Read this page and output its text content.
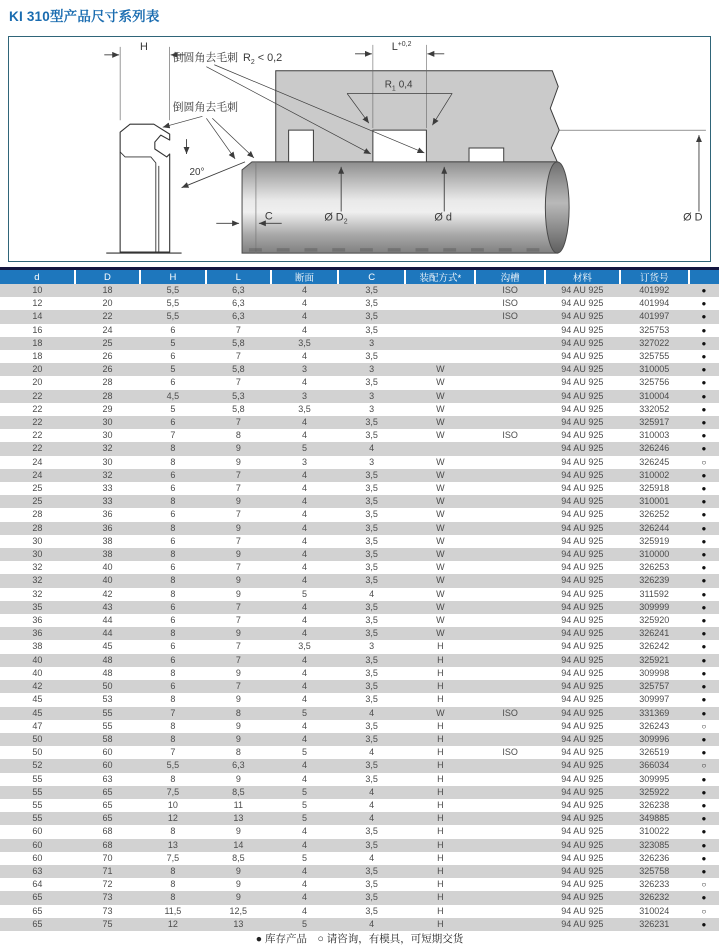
KI 310型产品尺寸系列表
H	$L^{+0,2}$
$R_1$ 0,4
倒圆角去毛刺 $R_2 < 0,2$
倒圆角去毛刺
20°
C	Ø $D_2$	Ø d	Ø D
d	D	H	L	断面	C	装配方式*	沟槽	材料	订货号	
10	18	5,5	6,3	4	3,5		ISO	94 AU 925	401992	●
12	20	5,5	6,3	4	3,5		ISO	94 AU 925	401994	●
14	22	5,5	6,3	4	3,5		ISO	94 AU 925	401997	●
16	24	6	7	4	3,5			94 AU 925	325753	●
18	25	5	5,8	3,5	3			94 AU 925	327022	●
18	26	6	7	4	3,5			94 AU 925	325755	●
20	26	5	5,8	3	3	W		94 AU 925	310005	●
20	28	6	7	4	3,5	W		94 AU 925	325756	●
22	28	4,5	5,3	3	3	W		94 AU 925	310004	●
22	29	5	5,8	3,5	3	W		94 AU 925	332052	●
22	30	6	7	4	3,5	W		94 AU 925	325917	●
22	30	7	8	4	3,5	W	ISO	94 AU 925	310003	●
22	32	8	9	5	4			94 AU 925	326246	●
24	30	8	9	3	3	W		94 AU 925	326245	○
24	32	6	7	4	3,5	W		94 AU 925	310002	●
25	33	6	7	4	3,5	W		94 AU 925	325918	●
25	33	8	9	4	3,5	W		94 AU 925	310001	●
28	36	6	7	4	3,5	W		94 AU 925	326252	●
28	36	8	9	4	3,5	W		94 AU 925	326244	●
30	38	6	7	4	3,5	W		94 AU 925	325919	●
30	38	8	9	4	3,5	W		94 AU 925	310000	●
32	40	6	7	4	3,5	W		94 AU 925	326253	●
32	40	8	9	4	3,5	W		94 AU 925	326239	●
32	42	8	9	5	4	W		94 AU 925	311592	●
35	43	6	7	4	3,5	W		94 AU 925	309999	●
36	44	6	7	4	3,5	W		94 AU 925	325920	●
36	44	8	9	4	3,5	W		94 AU 925	326241	●
38	45	6	7	3,5	3	H		94 AU 925	326242	●
40	48	6	7	4	3,5	H		94 AU 925	325921	●
40	48	8	9	4	3,5	H		94 AU 925	309998	●
42	50	6	7	4	3,5	H		94 AU 925	325757	●
45	53	8	9	4	3,5	H		94 AU 925	309997	●
45	55	7	8	5	4	W	ISO	94 AU 925	331369	●
47	55	8	9	4	3,5	H		94 AU 925	326243	○
50	58	8	9	4	3,5	H		94 AU 925	309996	●
50	60	7	8	5	4	H	ISO	94 AU 925	326519	●
52	60	5,5	6,3	4	3,5	H		94 AU 925	366034	○
55	63	8	9	4	3,5	H		94 AU 925	309995	●
55	65	7,5	8,5	5	4	H		94 AU 925	325922	●
55	65	10	11	5	4	H		94 AU 925	326238	●
55	65	12	13	5	4	H		94 AU 925	349885	●
60	68	8	9	4	3,5	H		94 AU 925	310022	●
60	68	13	14	4	3,5	H		94 AU 925	323085	●
60	70	7,5	8,5	5	4	H		94 AU 925	326236	●
63	71	8	9	4	3,5	H		94 AU 925	325758	●
64	72	8	9	4	3,5	H		94 AU 925	326233	○
65	73	8	9	4	3,5	H		94 AU 925	326232	●
65	73	11,5	12,5	4	3,5	H		94 AU 925	310024	○
65	75	12	13	5	4	H		94 AU 925	326231	●
● 库存产品　○ 请咨询，有模具，可短期交货
